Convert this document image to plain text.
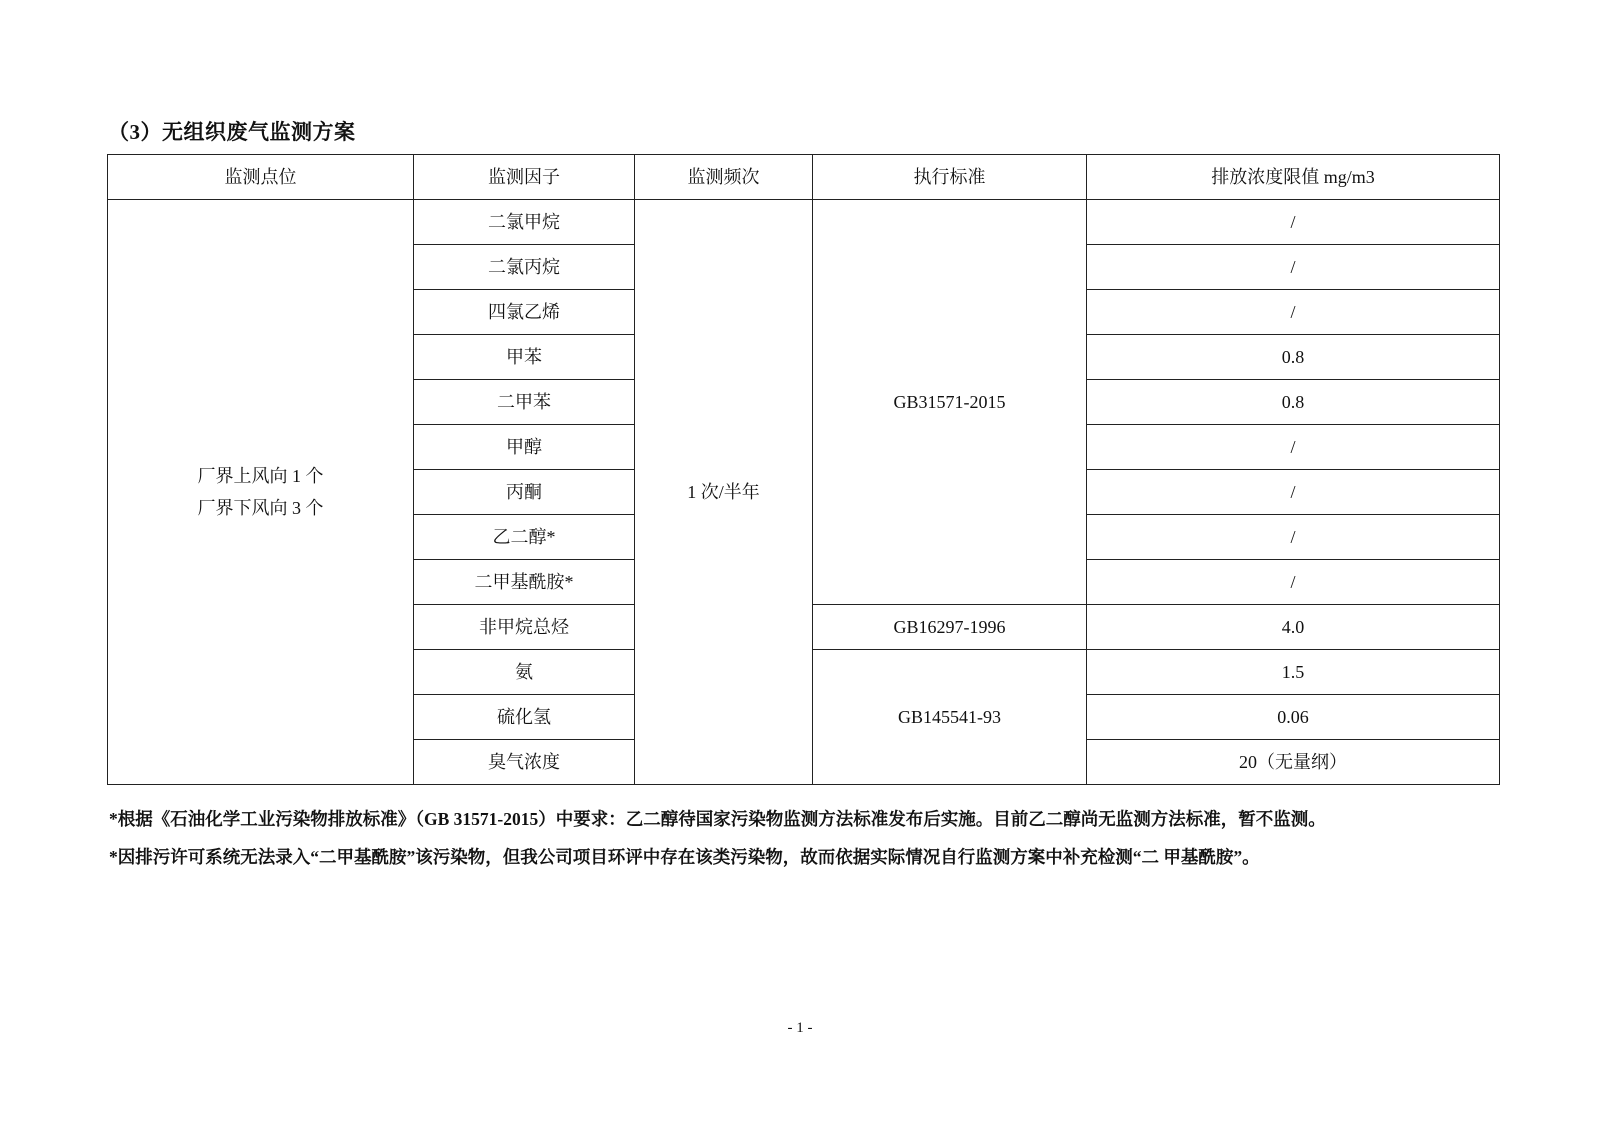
（3）无组织废气监测方案
监测点位	监测因子	监测频次	执行标准	排放浓度限值 mg/m3

厂界上风向 1 个
厂界下风向 3 个	二氯甲烷	1 次/半年	GB31571-2015	/
	二氯丙烷			/
	四氯乙烯			/
	甲苯			0.8
	二甲苯			0.8
	甲醇			/
	丙酮			/
	乙二醇*			/
	二甲基酰胺*			/
	非甲烷总烃		GB16297-1996	4.0
	氨		GB145541-93	1.5
	硫化氢			0.06
	臭气浓度			20（无量纲）
*根据《石油化学工业污染物排放标准》（GB 31571-2015）中要求：乙二醇待国家污染物监测方法标准发布后实施。目前乙二醇尚无监测方法标准，暂不监测。
*因排污许可系统无法录入“二甲基酰胺”该污染物，但我公司项目环评中存在该类污染物，故而依据实际情况自行监测方案中补充检测“二 甲基酰胺”。
- 1 -
